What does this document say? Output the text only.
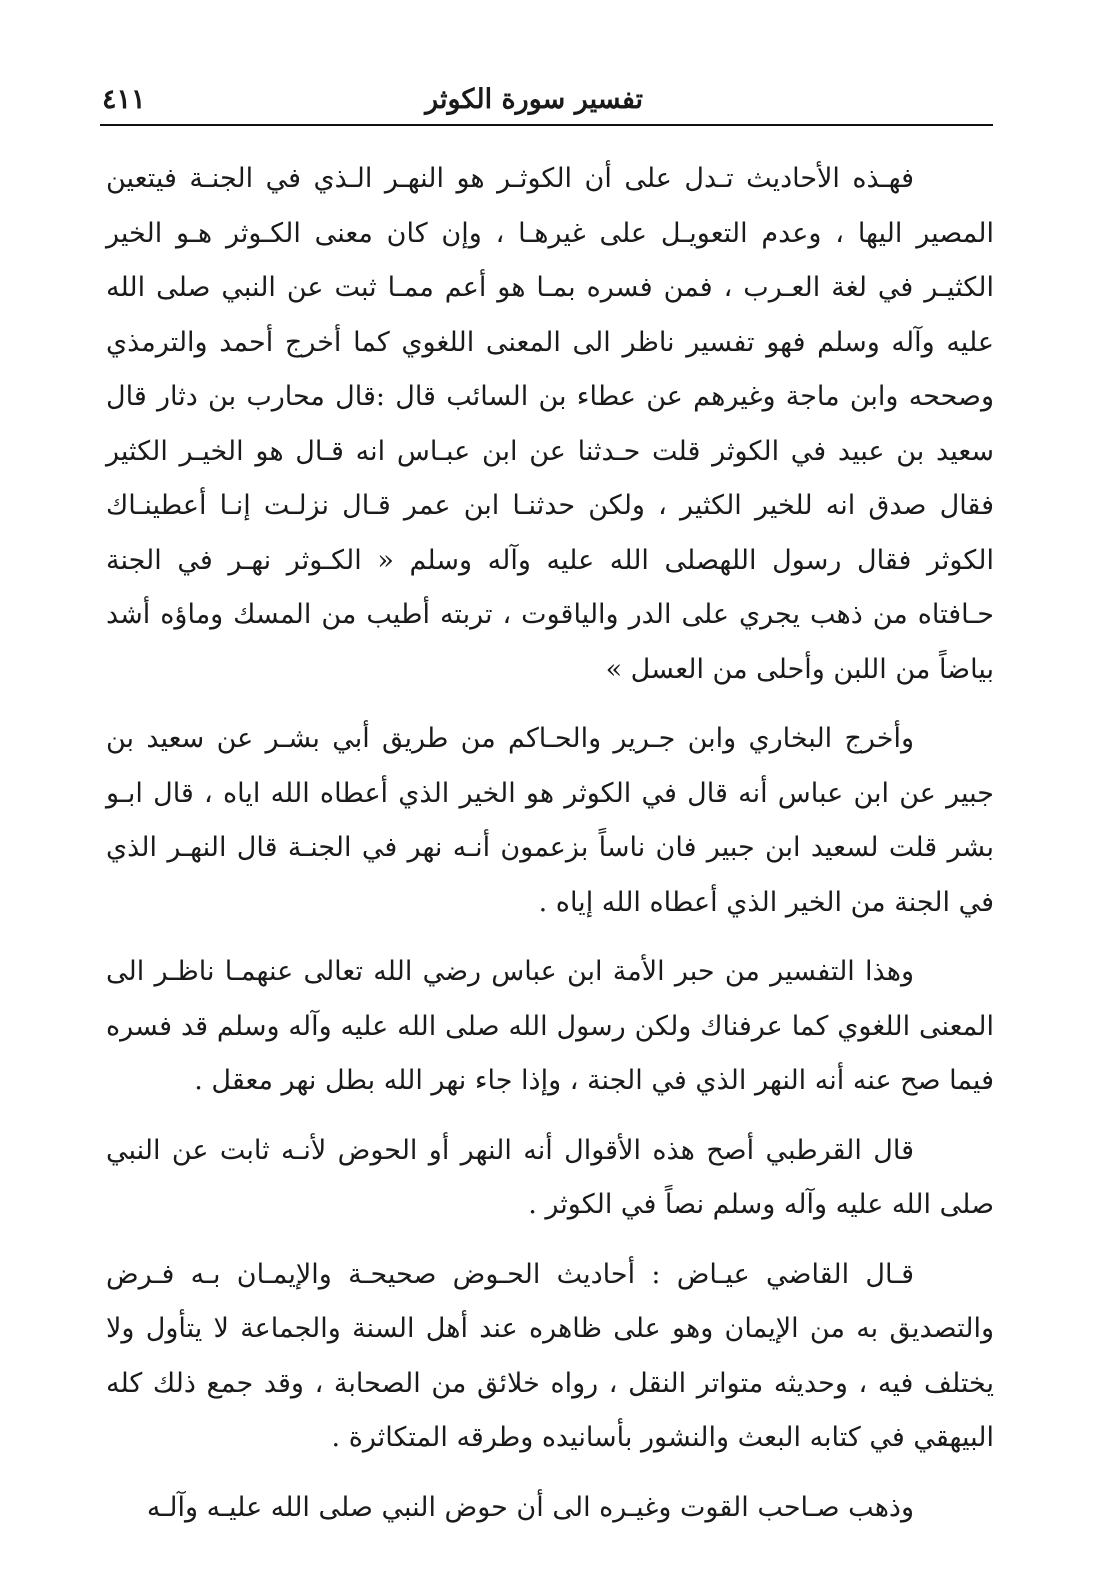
تفسير سورة الكوثر
٤١١

فهـذه الأحاديث تـدل على أن الكوثـر هو النهـر الـذي في الجنـة فيتعين المصير اليها ، وعدم التعويـل على غيرهـا ، وإن كان معنى الكـوثر هـو الخير الكثيـر في لغة العـرب ، فمن فسره بمـا هو أعم ممـا ثبت عن النبي صلى الله عليه وآله وسلم فهو تفسير ناظر الى المعنى اللغوي كما أخرج أحمد والترمذي وصححه وابن ماجة وغيرهم عن عطاء بن السائب قال :قال محارب بن دثار قال سعيد بن عبيد في الكوثر قلت حـدثنا عن ابن عبـاس انه قـال هو الخيـر الكثير فقال صدق انه للخير الكثير ، ولكن حدثنـا ابن عمر قـال نزلـت إنـا أعطينـاك الكوثر فقال رسول اللهصلى الله عليه وآله وسلم « الكـوثر نهـر في الجنة حـافتاه من ذهب يجري على الدر والياقوت ، تربته أطيب من المسك وماؤه أشد بياضاً من اللبن وأحلى من العسل »

وأخرج البخاري وابن جـرير والحـاكم من طريق أبي بشـر عن سعيد بن جبير عن ابن عباس أنه قال في الكوثر هو الخير الذي أعطاه الله اياه ، قال ابـو بشر قلت لسعيد ابن جبير فان ناساً بزعمون أنـه نهر في الجنـة قال النهـر الذي في الجنة من الخير الذي أعطاه الله إياه .

وهذا التفسير من حبر الأمة ابن عباس رضي الله تعالى عنهمـا ناظـر الى المعنى اللغوي كما عرفناك ولكن رسول الله صلى الله عليه وآله وسلم قد فسره فيما صح عنه أنه النهر الذي في الجنة ، وإذا جاء نهر الله بطل نهر معقل .

قال القرطبي أصح هذه الأقوال أنه النهر أو الحوض لأنـه ثابت عن النبي صلى الله عليه وآله وسلم نصاً في الكوثر .

قـال القاضي عيـاض : أحاديث الحـوض صحيحـة والإيمـان بـه فـرض والتصديق به من الإيمان وهو على ظاهره عند أهل السنة والجماعة لا يتأول ولا يختلف فيه ، وحديثه متواتر النقل ، رواه خلائق من الصحابة ، وقد جمع ذلك كله البيهقي في كتابه البعث والنشور بأسانيده وطرقه المتكاثرة .

وذهب صـاحب القوت وغيـره الى أن حوض النبي صلى الله عليـه وآلـه
